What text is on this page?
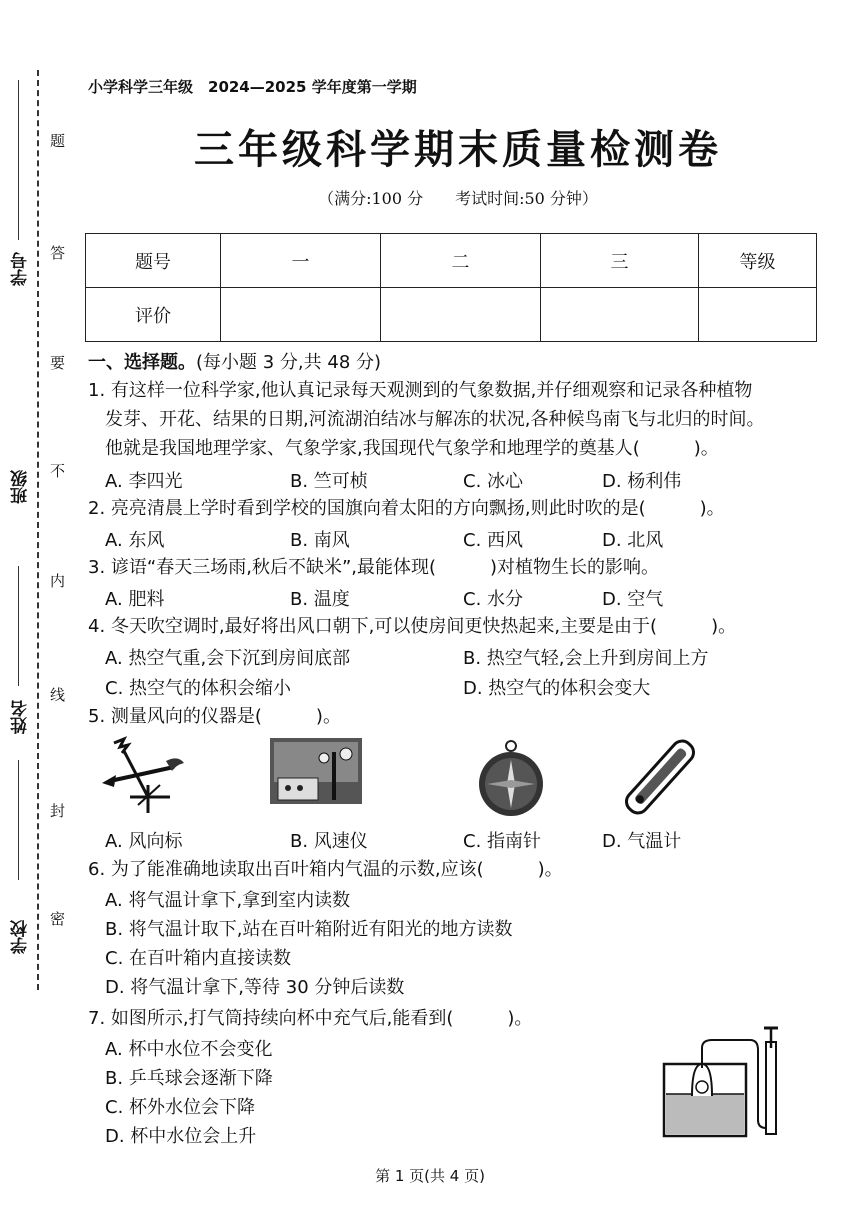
题
答
要
不
内
线
封
密
学号
班级
姓名
学校
小学科学三年级　2024—2025 学年度第一学期
三年级科学期末质量检测卷
（满分:100 分　　考试时间:50 分钟）
题号	一	二	三	等级
评价				
一、选择题。(每小题 3 分,共 48 分)
1. 有这样一位科学家,他认真记录每天观测到的气象数据,并仔细观察和记录各种植物
发芽、开花、结果的日期,河流湖泊结冰与解冻的状况,各种候鸟南飞与北归的时间。
他就是我国地理学家、气象学家,我国现代气象学和地理学的奠基人(　　　)。
A. 李四光	B. 竺可桢	C. 冰心	D. 杨利伟
2. 亮亮清晨上学时看到学校的国旗向着太阳的方向飘扬,则此时吹的是(　　　)。
A. 东风	B. 南风	C. 西风	D. 北风
3. 谚语“春天三场雨,秋后不缺米”,最能体现(　　　)对植物生长的影响。
A. 肥料	B. 温度	C. 水分	D. 空气
4. 冬天吹空调时,最好将出风口朝下,可以使房间更快热起来,主要是由于(　　　)。
A. 热空气重,会下沉到房间底部	B. 热空气轻,会上升到房间上方
C. 热空气的体积会缩小	D. 热空气的体积会变大
5. 测量风向的仪器是(　　　)。
A. 风向标	B. 风速仪	C. 指南针	D. 气温计
6. 为了能准确地读取出百叶箱内气温的示数,应该(　　　)。
A. 将气温计拿下,拿到室内读数
B. 将气温计取下,站在百叶箱附近有阳光的地方读数
C. 在百叶箱内直接读数
D. 将气温计拿下,等待 30 分钟后读数
7. 如图所示,打气筒持续向杯中充气后,能看到(　　　)。
A. 杯中水位不会变化
B. 乒乓球会逐渐下降
C. 杯外水位会下降
D. 杯中水位会上升
第 1 页(共 4 页)
